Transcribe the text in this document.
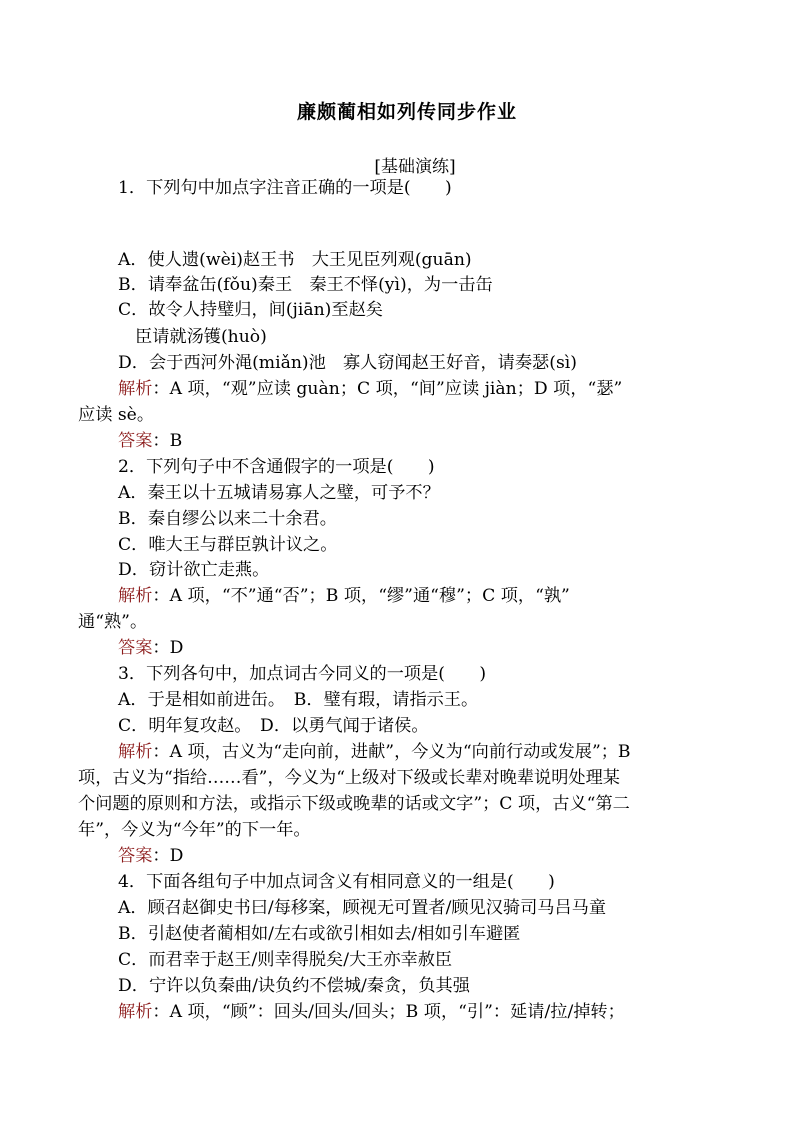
廉颇蔺相如列传同步作业
[基础演练]
1．下列句中加点字注音正确的一项是(　　)
A．使人遗(wèi)赵王书　大王见臣列观(guān)
B．请奉盆缶(fǒu)秦王　秦王不怿(yì)，为一击缶
C．故令人持璧归，间(jiān)至赵矣
臣请就汤镬(huò)
D．会于西河外渑(miǎn)池　寡人窃闻赵王好音，请奏瑟(sì)
解析：A 项，“观”应读 guàn；C 项，“间”应读 jiàn；D 项，“瑟”
应读 sè。
答案：B
2．下列句子中不含通假字的一项是(　　)
A．秦王以十五城请易寡人之璧，可予不？
B．秦自缪公以来二十余君。
C．唯大王与群臣孰计议之。
D．窃计欲亡走燕。
解析：A 项，“不”通“否”；B 项，“缪”通“穆”；C 项，“孰”
通“熟”。
答案：D
3．下列各句中，加点词古今同义的一项是(　　)
A．于是相如前进缶。　B．璧有瑕，请指示王。
C．明年复攻赵。　D．以勇气闻于诸侯。
解析：A 项，古义为“走向前，进献”，今义为“向前行动或发展”；B
项，古义为“指给……看”，今义为“上级对下级或长辈对晚辈说明处理某
个问题的原则和方法，或指示下级或晚辈的话或文字”；C 项，古义“第二
年”，今义为“今年”的下一年。
答案：D
4．下面各组句子中加点词含义有相同意义的一组是(　　)
A．顾召赵御史书曰/每移案，顾视无可置者/顾见汉骑司马吕马童
B．引赵使者蔺相如/左右或欲引相如去/相如引车避匿
C．而君幸于赵王/则幸得脱矣/大王亦幸赦臣
D．宁许以负秦曲/诀负约不偿城/秦贪，负其强
解析：A 项，“顾”：回头/回头/回头；B 项，“引”：延请/拉/掉转；
